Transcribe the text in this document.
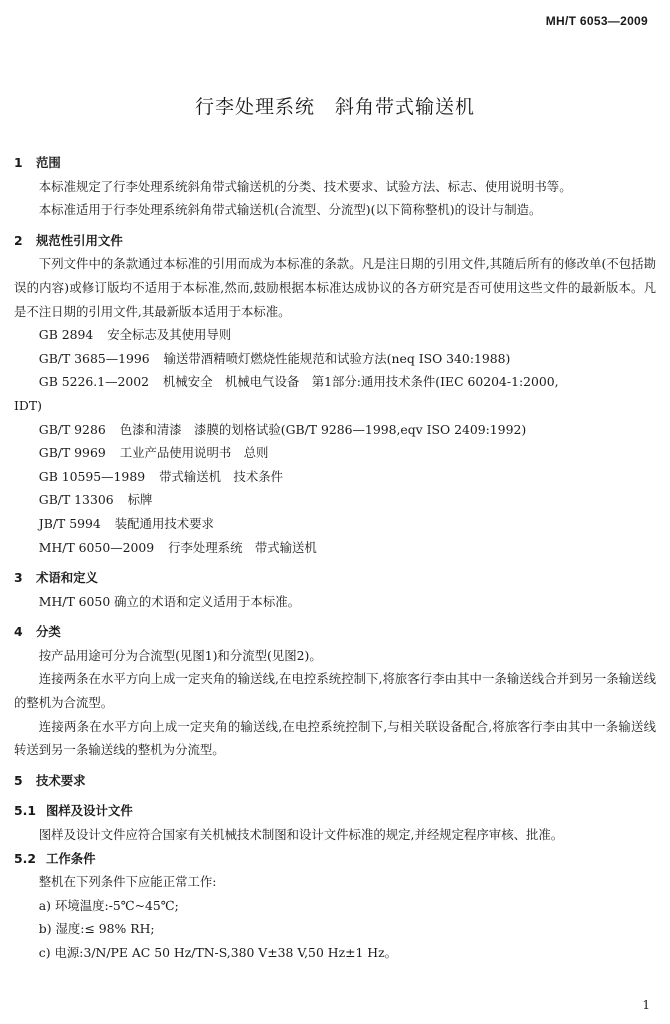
MH/T 6053—2009
行李处理系统　斜角带式输送机
1 范围

本标准规定了行李处理系统斜角带式输送机的分类、技术要求、试验方法、标志、使用说明书等。

本标准适用于行李处理系统斜角带式输送机(合流型、分流型)(以下简称整机)的设计与制造。

2 规范性引用文件

下列文件中的条款通过本标准的引用而成为本标准的条款。凡是注日期的引用文件,其随后所有的修改单(不包括勘误的内容)或修订版均不适用于本标准,然而,鼓励根据本标准达成协议的各方研究是否可使用这些文件的最新版本。凡是不注日期的引用文件,其最新版本适用于本标准。

GB 2894 安全标志及其使用导则

GB/T 3685—1996 输送带酒精喷灯燃烧性能规范和试验方法(neq ISO 340:1988)

GB 5226.1—2002 机械安全　机械电气设备　第1部分:通用技术条件(IEC 60204-1:2000,
IDT)

GB/T 9286 色漆和清漆　漆膜的划格试验(GB/T 9286—1998,eqv ISO 2409:1992)

GB/T 9969 工业产品使用说明书　总则

GB 10595—1989 带式输送机　技术条件

GB/T 13306 标牌

JB/T 5994 装配通用技术要求

MH/T 6050—2009 行李处理系统　带式输送机

3 术语和定义

MH/T 6050 确立的术语和定义适用于本标准。

4 分类

按产品用途可分为合流型(见图1)和分流型(见图2)。

连接两条在水平方向上成一定夹角的输送线,在电控系统控制下,将旅客行李由其中一条输送线合并到另一条输送线的整机为合流型。

连接两条在水平方向上成一定夹角的输送线,在电控系统控制下,与相关联设备配合,将旅客行李由其中一条输送线转送到另一条输送线的整机为分流型。

5 技术要求
5.1 图样及设计文件

图样及设计文件应符合国家有关机械技术制图和设计文件标准的规定,并经规定程序审核、批准。

5.2 工作条件

整机在下列条件下应能正常工作:

a) 环境温度:-5℃~45℃;

b) 湿度:≤ 98% RH;

c) 电源:3/N/PE AC 50 Hz/TN-S,380 V±38 V,50 Hz±1 Hz。

1
